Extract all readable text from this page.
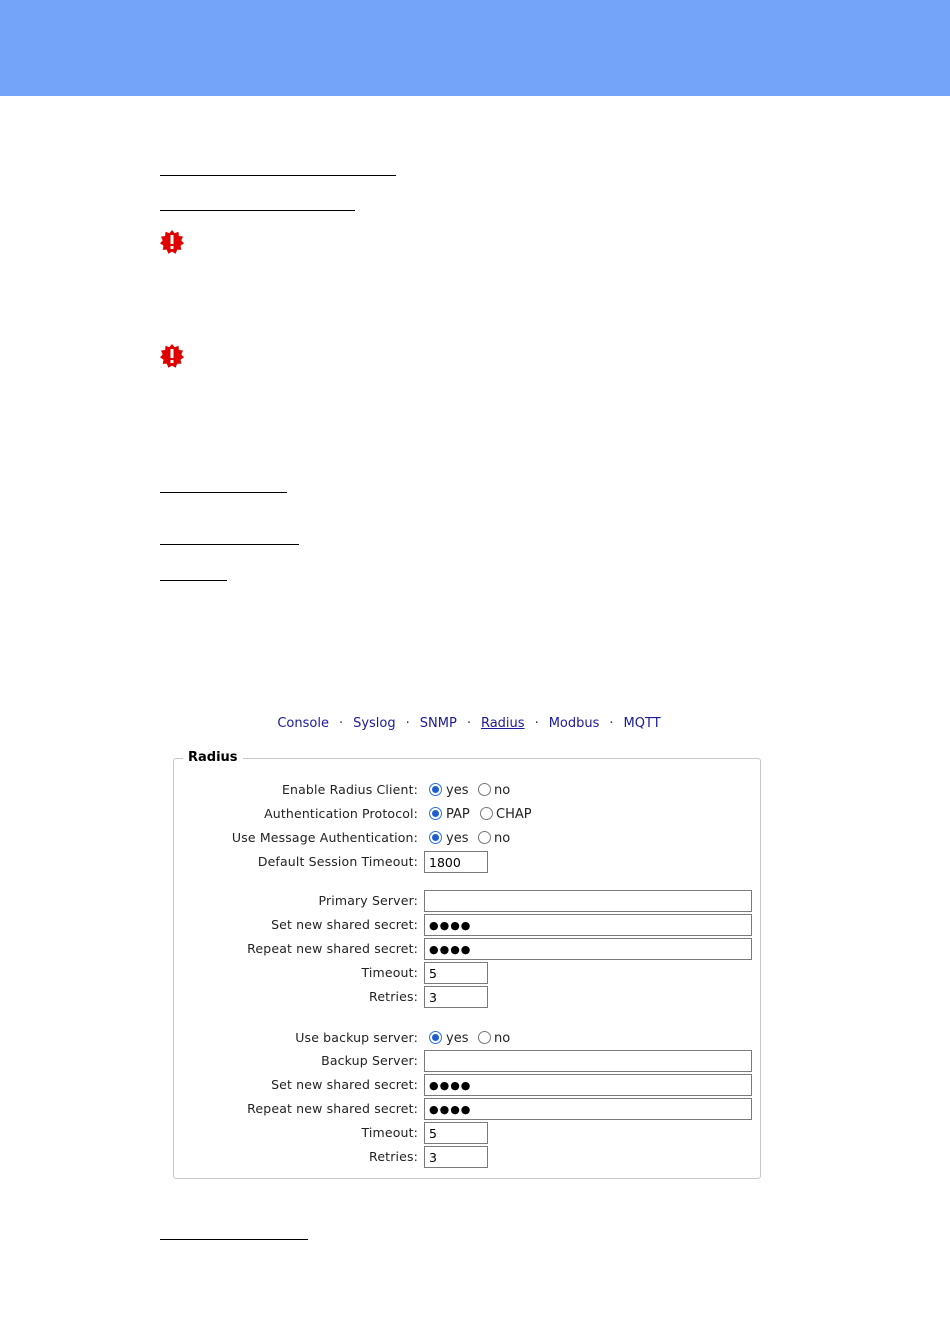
Console · Syslog · SNMP · Radius · Modbus · MQTT
Radius
Enable Radius Client: yes no
Authentication Protocol: PAP CHAP
Use Message Authentication: yes no
Default Session Timeout: 1800
Primary Server:
Set new shared secret:	●●●●
Repeat new shared secret:	●●●●
Timeout: 5
Retries: 3
Use backup server: yes no
Backup Server:
Set new shared secret:	●●●●
Repeat new shared secret:	●●●●
Timeout: 5
Retries: 3
